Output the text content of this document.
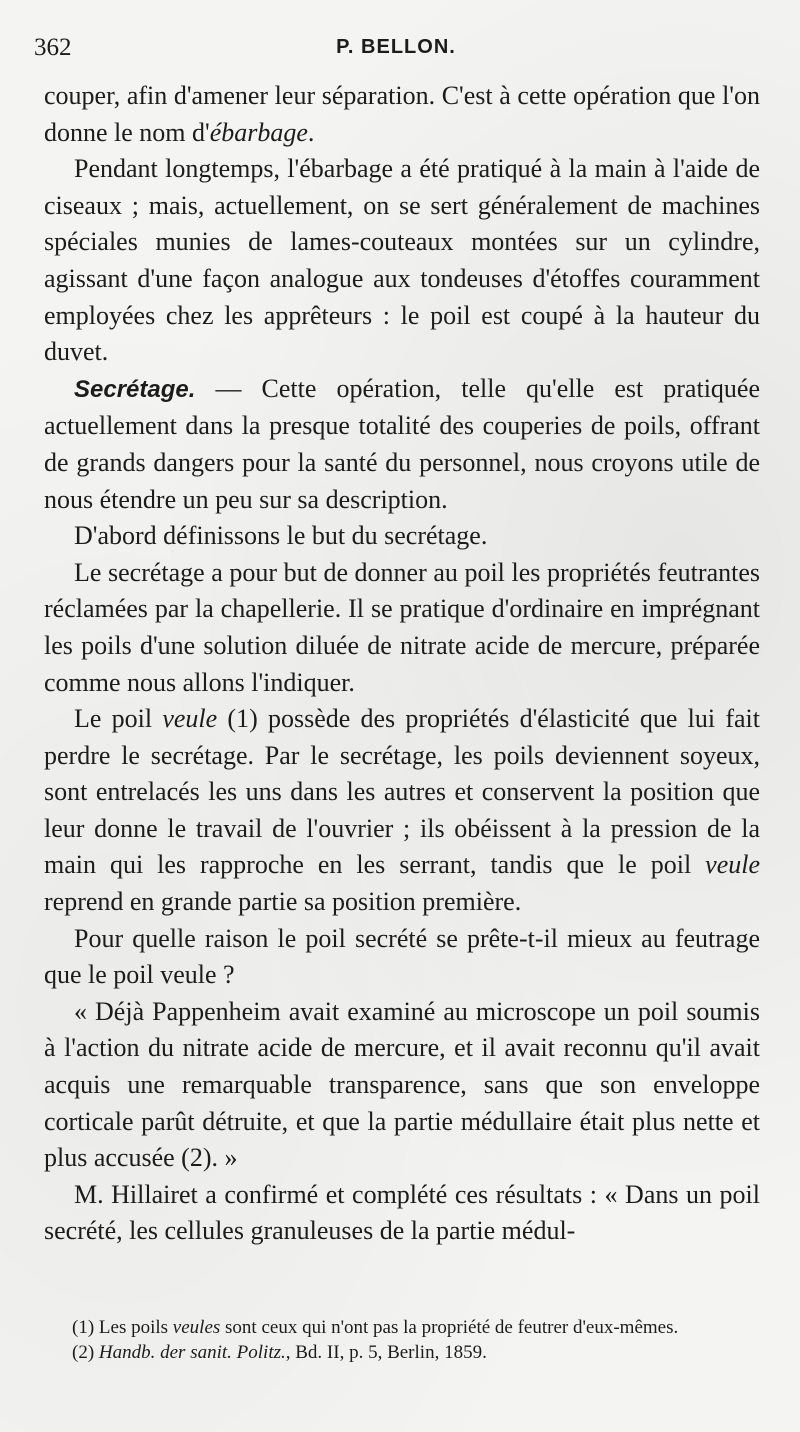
362	P. BELLON.

couper, afin d'amener leur séparation. C'est à cette opération que l'on donne le nom d'ébarbage.

Pendant longtemps, l'ébarbage a été pratiqué à la main à l'aide de ciseaux ; mais, actuellement, on se sert généralement de machines spéciales munies de lames-couteaux montées sur un cylindre, agissant d'une façon analogue aux tondeuses d'étoffes couramment employées chez les apprêteurs : le poil est coupé à la hauteur du duvet.

Secrétage. — Cette opération, telle qu'elle est pratiquée actuellement dans la presque totalité des couperies de poils, offrant de grands dangers pour la santé du personnel, nous croyons utile de nous étendre un peu sur sa description.

D'abord définissons le but du secrétage.

Le secrétage a pour but de donner au poil les propriétés feutrantes réclamées par la chapellerie. Il se pratique d'ordinaire en imprégnant les poils d'une solution diluée de nitrate acide de mercure, préparée comme nous allons l'indiquer.

Le poil veule (1) possède des propriétés d'élasticité que lui fait perdre le secrétage. Par le secrétage, les poils deviennent soyeux, sont entrelacés les uns dans les autres et conservent la position que leur donne le travail de l'ouvrier ; ils obéissent à la pression de la main qui les rapproche en les serrant, tandis que le poil veule reprend en grande partie sa position première.

Pour quelle raison le poil secrété se prête-t-il mieux au feutrage que le poil veule ?

« Déjà Pappenheim avait examiné au microscope un poil soumis à l'action du nitrate acide de mercure, et il avait reconnu qu'il avait acquis une remarquable transparence, sans que son enveloppe corticale parût détruite, et que la partie médullaire était plus nette et plus accusée (2). »

M. Hillairet a confirmé et complété ces résultats : « Dans un poil secrété, les cellules granuleuses de la partie médul-

(1) Les poils veules sont ceux qui n'ont pas la propriété de feutrer d'eux-mêmes.

(2) Handb. der sanit. Politz., Bd. II, p. 5, Berlin, 1859.
